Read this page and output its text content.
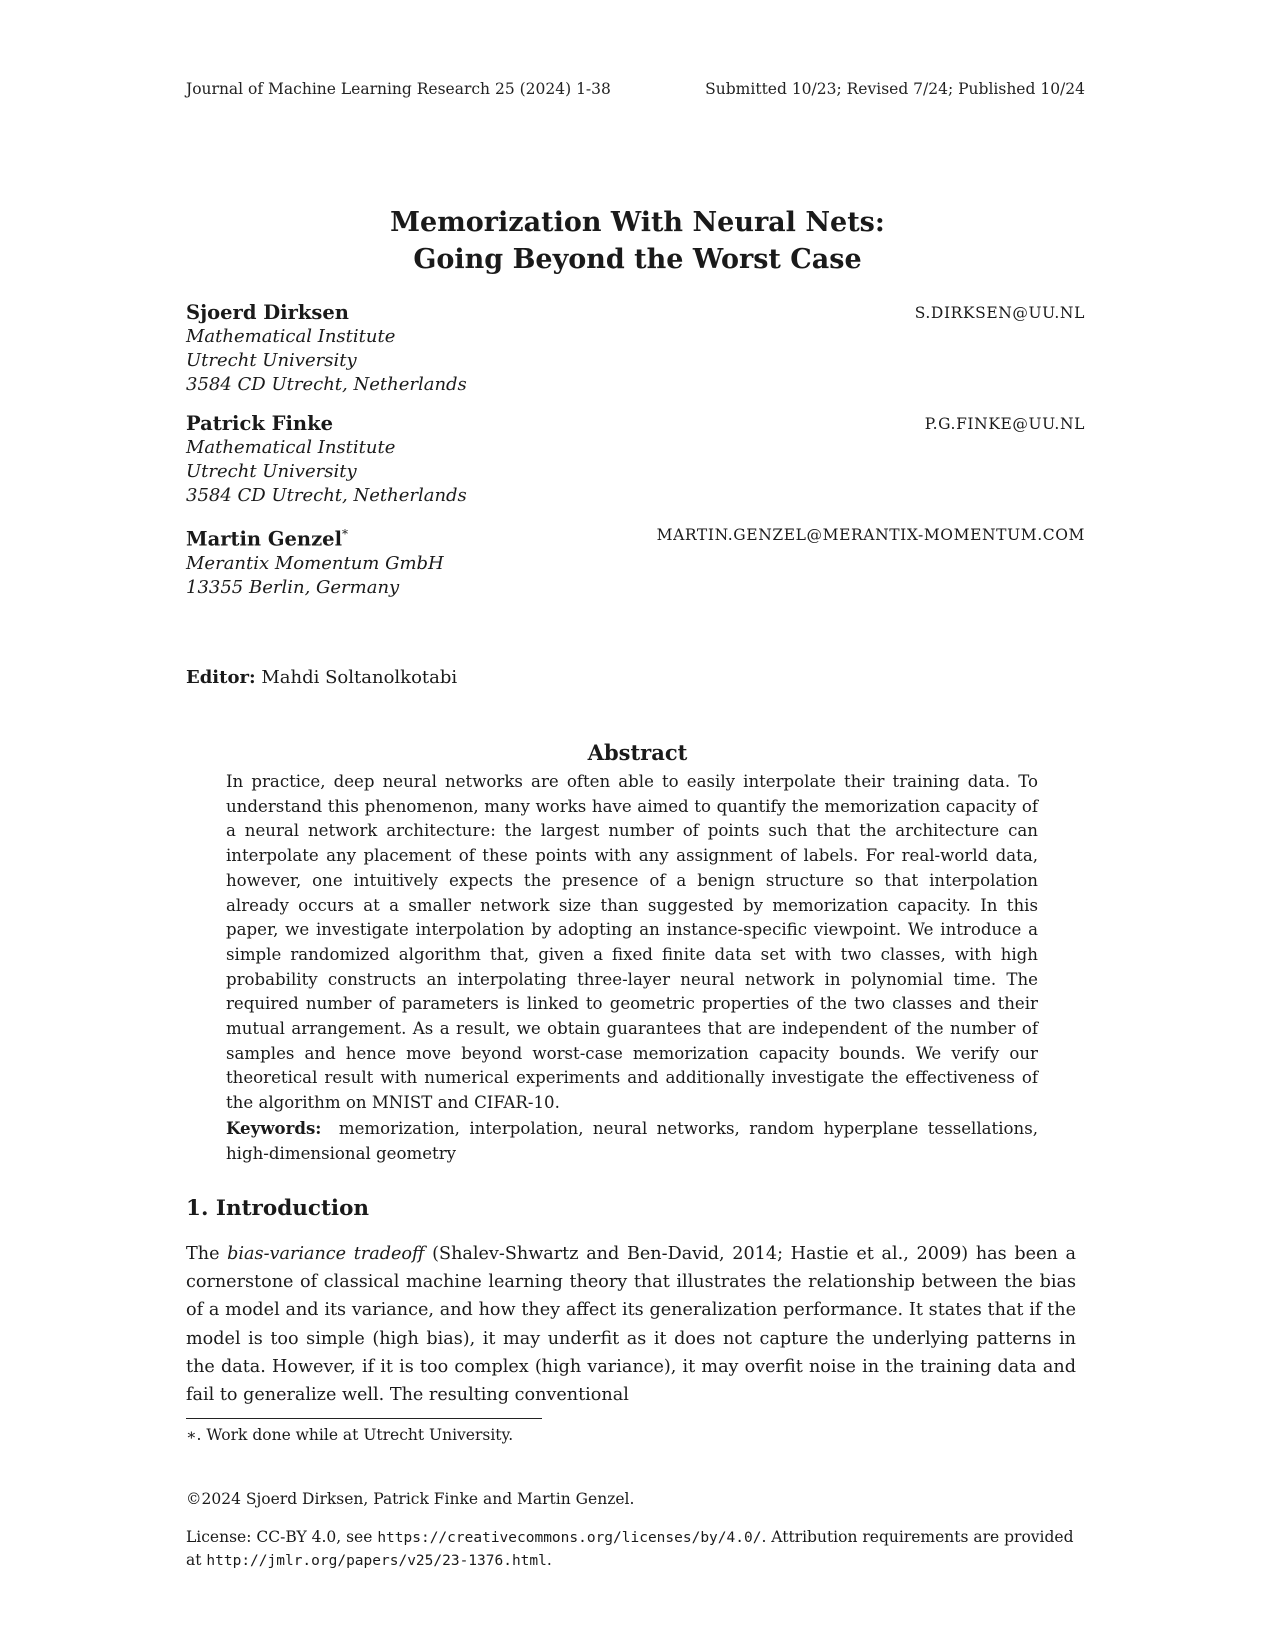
Journal of Machine Learning Research 25 (2024) 1-38	Submitted 10/23; Revised 7/24; Published 10/24
Memorization With Neural Nets:
Going Beyond the Worst Case
Sjoerd Dirksen	S.DIRKSEN@UU.NL
Mathematical Institute
Utrecht University
3584 CD Utrecht, Netherlands
Patrick Finke	P.G.FINKE@UU.NL
Mathematical Institute
Utrecht University
3584 CD Utrecht, Netherlands
Martin Genzel*	MARTIN.GENZEL@MERANTIX-MOMENTUM.COM
Merantix Momentum GmbH
13355 Berlin, Germany
Editor: Mahdi Soltanolkotabi
Abstract

In practice, deep neural networks are often able to easily interpolate their training data. To understand this phenomenon, many works have aimed to quantify the memorization capacity of a neural network architecture: the largest number of points such that the architecture can interpolate any placement of these points with any assignment of labels. For real-world data, however, one intuitively expects the presence of a benign structure so that interpolation already occurs at a smaller network size than suggested by memorization capacity. In this paper, we investigate interpolation by adopting an instance-specific viewpoint. We introduce a simple randomized algorithm that, given a fixed finite data set with two classes, with high probability constructs an interpolating three-layer neural network in polynomial time. The required number of parameters is linked to geometric properties of the two classes and their mutual arrangement. As a result, we obtain guarantees that are independent of the number of samples and hence move beyond worst-case memorization capacity bounds. We verify our theoretical result with numerical experiments and additionally investigate the effectiveness of the algorithm on MNIST and CIFAR-10.

Keywords: memorization, interpolation, neural networks, random hyperplane tessellations, high-dimensional geometry

1. Introduction

The bias-variance tradeoff (Shalev-Shwartz and Ben-David, 2014; Hastie et al., 2009) has been a cornerstone of classical machine learning theory that illustrates the relationship between the bias of a model and its variance, and how they affect its generalization performance. It states that if the model is too simple (high bias), it may underfit as it does not capture the underlying patterns in the data. However, if it is too complex (high variance), it may overfit noise in the training data and fail to generalize well. The resulting conventional

∗. Work done while at Utrecht University.
©2024 Sjoerd Dirksen, Patrick Finke and Martin Genzel.
License: CC-BY 4.0, see https://creativecommons.org/licenses/by/4.0/. Attribution requirements are provided at http://jmlr.org/papers/v25/23-1376.html.
